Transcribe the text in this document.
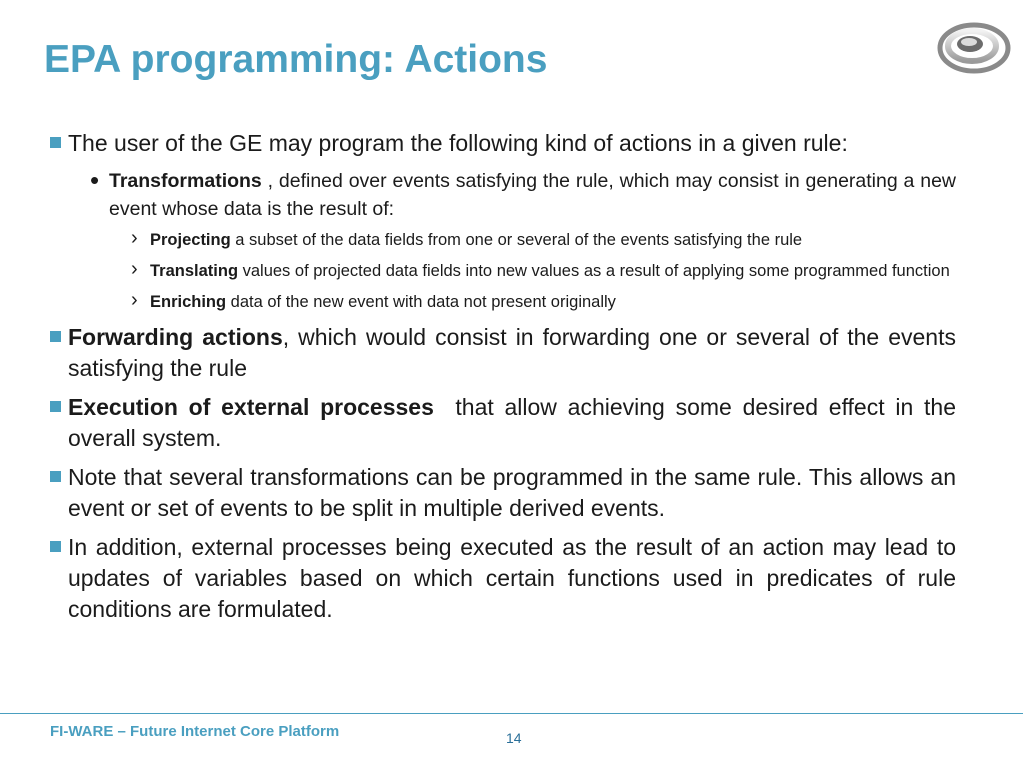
EPA programming: Actions

The user of the GE may program the following kind of actions in a given rule:

• Transformations , defined over events satisfying the rule, which may consist in generating a new event whose data is the result of:

› Projecting a subset of the data fields from one or several of the events satisfying the rule

› Translating values of projected data fields into new values as a result of applying some programmed function

› Enriching data of the new event with data not present originally

Forwarding actions, which would consist in forwarding one or several of the events satisfying the rule

Execution of external processes  that allow achieving some desired effect in the overall system.

Note that several transformations can be programmed in the same rule. This allows an event or set of events to be split in multiple derived events.

In addition, external processes being executed as the result of an action may lead to updates of variables based on which certain functions used in predicates of rule conditions are formulated.

FI-WARE – Future Internet Core Platform	14
